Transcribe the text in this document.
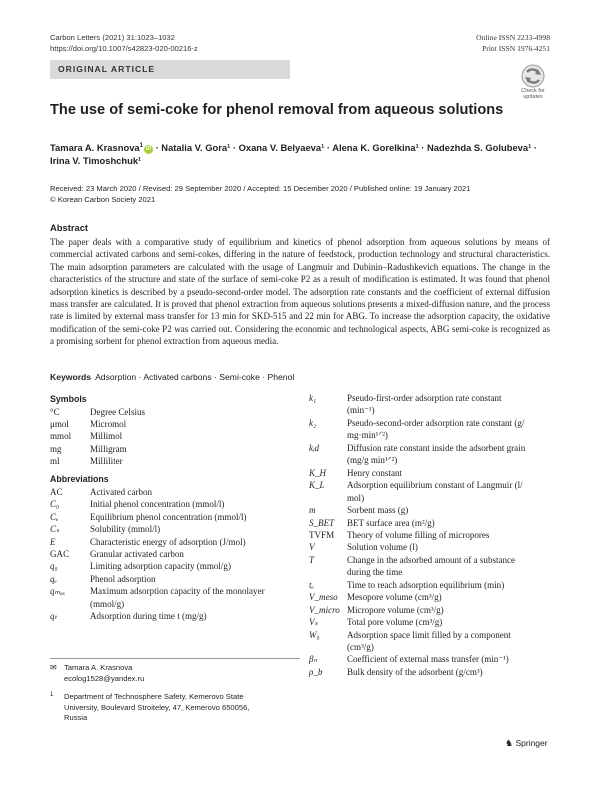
Carbon Letters (2021) 31:1023–1032
https://doi.org/10.1007/s42823-020-00216-z
Online ISSN 2233-4998
Print ISSN 1976-4251
ORIGINAL ARTICLE
Check for updates
The use of semi-coke for phenol removal from aqueous solutions
Tamara A. Krasnova$^1$iD · Natalia V. Gora¹ · Oxana V. Belyaeva¹ · Alena K. Gorelkina¹ · Nadezhda S. Golubeva¹ ·
Irina V. Timoshchuk¹
Received: 23 March 2020 / Revised: 29 September 2020 / Accepted: 15 December 2020 / Published online: 19 January 2021
© Korean Carbon Society 2021
Abstract
The paper deals with a comparative study of equilibrium and kinetics of phenol adsorption from aqueous solutions by means of commercial activated carbons and semi-cokes, differing in the nature of feedstock, production technology and structural characteristics. The main adsorption parameters are calculated with the usage of Langmuir and Dubinin–Radushkevich equations. The change in the characteristics of the structure and state of the surface of semi-coke P2 as a result of modification is estimated. It was found that phenol adsorption kinetics is described by a pseudo-second-order model. The adsorption rate constants and the coefficient of external diffusion mass transfer are calculated. It is proved that phenol extraction from aqueous solutions presents a mixed-diffusion nature, and the process rate is limited by external mass transfer for 13 min for SKD-515 and 22 min for ABG. To increase the adsorption capacity, the oxidative modification of the semi-coke P2 was carried out. Considering the economic and technological aspects, ABG semi-coke is recognized as a promising sorbent for phenol extraction from aqueous media.
Keywords Adsorption · Activated carbons · Semi-coke · Phenol
Symbols
°C	Degree Celsius
μmol	Micromol
mmol	Millimol
mg	Milligram
ml	Milliliter
Abbreviations
AC	Activated carbon
C₀	Initial phenol concentration (mmol/l)
Cₑ	Equilibrium phenol concentration (mmol/l)
Cₛ	Solubility (mmol/l)
E	Characteristic energy of adsorption (J/mol)
GAC	Granular activated carbon
q₀	Limiting adsorption capacity (mmol/g)
qₑ	Phenol adsorption
qₘₐₓ	Maximum adsorption capacity of the monolayer
(mmol/g)
qₜ	Adsorption during time t (mg/g)
k₁	Pseudo-first-order adsorption rate constant
(min⁻¹)
k₂	Pseudo-second-order adsorption rate constant (g/
mg·min¹ᐟ²)
kᵢd	Diffusion rate constant inside the adsorbent grain
(mg/g min¹ᐟ²)
K_H	Henry constant
K_L	Adsorption equilibrium constant of Langmuir (l/
mol)
m	Sorbent mass (g)
S_BET	BET surface area (m²/g)
TVFM	Theory of volume filling of micropores
V	Solution volume (l)
T	Change in the adsorbed amount of a substance
during the time
tₑ	Time to reach adsorption equilibrium (min)
V_meso	Mesopore volume (cm³/g)
V_micro Micropore volume (cm³/g)
Vₛ	Total pore volume (cm³/g)
W₀	Adsorption space limit filled by a component
(cm³/g)
βₙ	Coefficient of external mass transfer (min⁻¹)
ρ_b	Bulk density of the adsorbent (g/cm³)
✉ Tamara A. Krasnova
ecolog1528@yandex.ru
1 Department of Technosphere Safety, Kemerovo State
University, Boulevard Stroiteley, 47, Kemerovo 650056,
Russia
♞ Springer
